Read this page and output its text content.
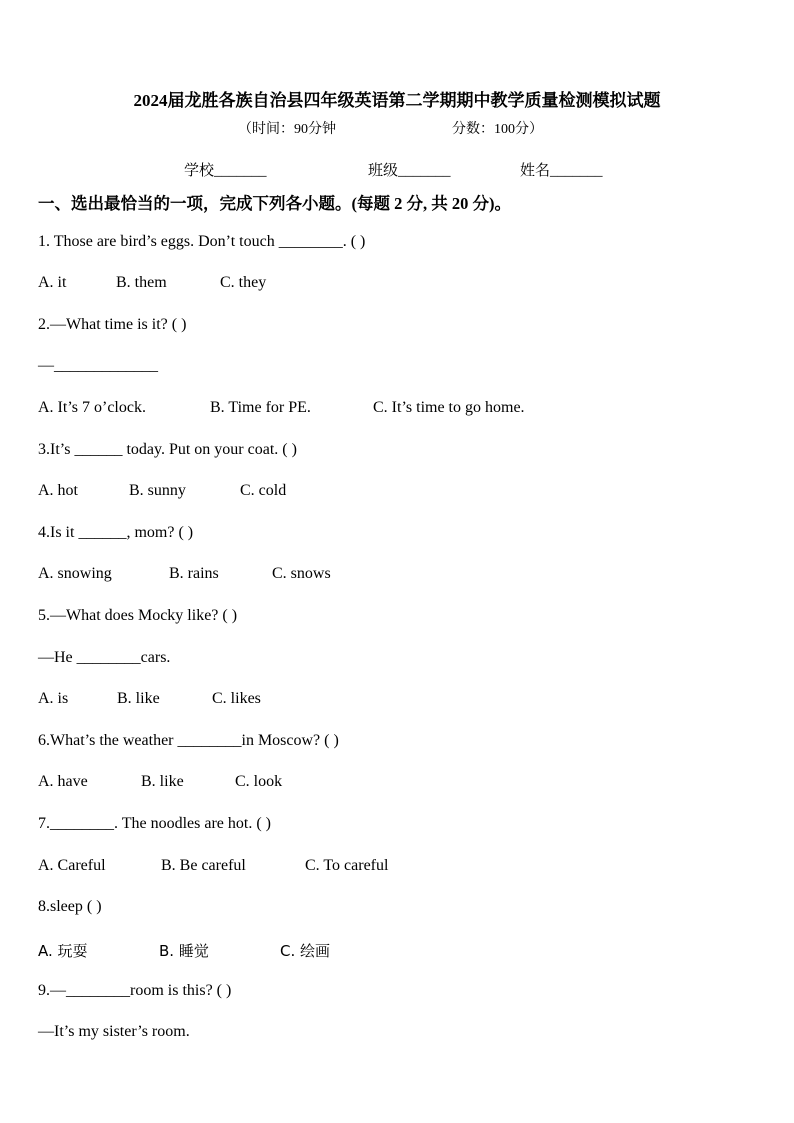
2024届龙胜各族自治县四年级英语第二学期期中教学质量检测模拟试题
（时间：90分钟	分数：100分）
学校_______	班级_______	姓名_______
一、选出最恰当的一项，完成下列各小题。(每题 2 分, 共 20 分)。
1. Those are bird’s eggs. Don’t touch ________. ( )
A. it	B. them	C. they
2.—What time is it? ( )
—_____________
A. It’s 7 o’clock.	B. Time for PE.	C. It’s time to go home.
3.It’s ______ today. Put on your coat. ( )
A. hot	B. sunny	C. cold
4.Is it ______, mom? ( )
A. snowing	B. rains	C. snows
5.—What does Mocky like? ( )
—He ________cars.
A. is	B. like	C. likes
6.What’s the weather ________in Moscow? ( )
A. have	B. like	C. look
7.________. The noodles are hot. ( )
A. Careful	B. Be careful	C. To careful
8.sleep ( )
A. 玩耍	B. 睡觉	C. 绘画
9.—________room is this? ( )
—It’s my sister’s room.
